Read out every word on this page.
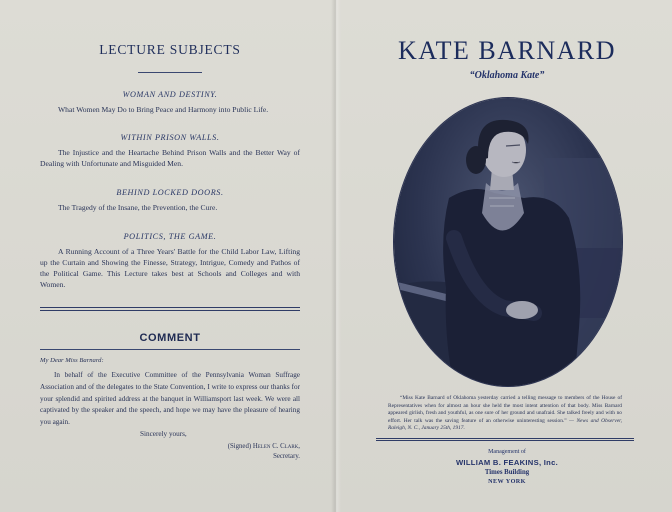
LECTURE SUBJECTS
WOMAN AND DESTINY.

What Women May Do to Bring Peace and Harmony into Public Life.

WITHIN PRISON WALLS.

The Injustice and the Heartache Behind Prison Walls and the Better Way of Dealing with Unfortunate and Misguided Men.

BEHIND LOCKED DOORS.

The Tragedy of the Insane, the Prevention, the Cure.

POLITICS, THE GAME.

A Running Account of a Three Years' Battle for the Child Labor Law, Lifting up the Curtain and Showing the Finesse, Strategy, Intrigue, Comedy and Pathos of the Political Game. This Lecture takes best at Schools and Colleges and with Women.

COMMENT
My Dear Miss Barnard:
In behalf of the Executive Committee of the Pennsylvania Woman Suffrage Association and of the delegates to the State Convention, I write to express our thanks for your splendid and spirited address at the banquet in Williamsport last week. We were all captivated by the speaker and the speech, and hope we may have the pleasure of hearing you again.
Sincerely yours,
(Signed) Helen C. Clark,
Secretary.
KATE BARNARD
“Oklahoma Kate”
“Miss Kate Barnard of Oklahoma yesterday carried a telling message to members of the House of Representatives when for almost an hour she held the most intent attention of that body. Miss Barnard appeared girlish, fresh and youthful, as one sure of her ground and unafraid. She talked freely and with no effort. Her talk was the saving feature of an otherwise uninteresting session.” — News and Observer, Raleigh, N. C., January 25th, 1917.
Management of
WILLIAM B. FEAKINS, Inc.
Times Building
NEW YORK
